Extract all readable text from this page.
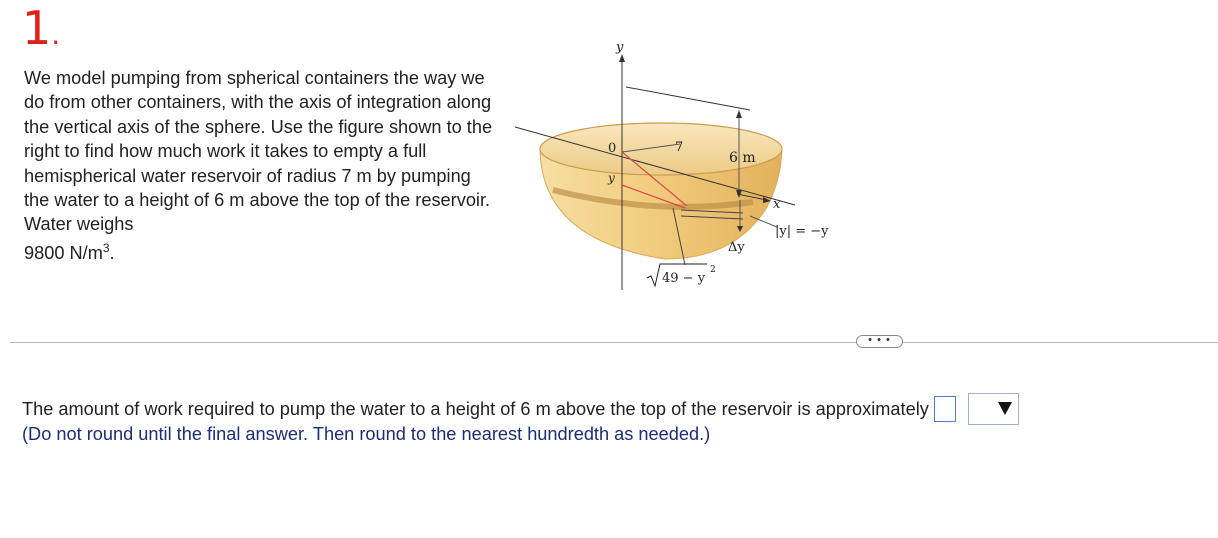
1.

We model pumping from spherical containers the way we do from other containers, with the axis of integration along the vertical axis of the sphere. Use the figure shown to the right to find how much work it takes to empty a full hemispherical water reservoir of radius 7 m by pumping the water to a height of 6 m above the top of the reservoir. Water weighs

9800 $N/m^3$.

y
6 m
x
Δy
|y| = −y
7
0
y
49 − y
2
• • •
The amount of work required to pump the water to a height of 6 m above the top of the reservoir is approximately
(Do not round until the final answer. Then round to the nearest hundredth as needed.)
